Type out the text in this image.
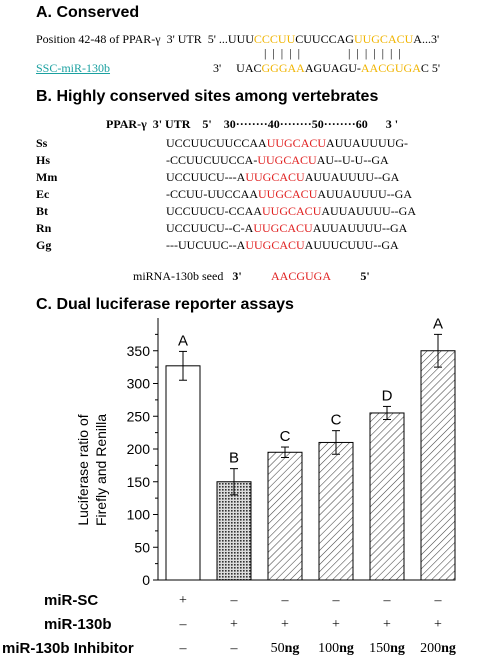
A. Conserved
Position 42-48 of PPAR-γ 3' UTR 5' ...UUUCCCUUCUUCCAGUUGCACUA...3'
|  |  |  |  |                |  |  |  |  |  |  |
SSC-miR-130b	3' UACGGGAAAGUAGU-AACGUGAC 5'
B. Highly conserved sites among vertebrates
PPAR-γ  3' UTR    5'    30········40········50········60      3 '
Ss	UCCUUCUUCCAAUUGCACUAUUAUUUUG-
Hs	-CCUUCUUCCA-UUGCACUAU--U-U--GA
Mm	UCCUUCU---AUUGCACUAUUAUUUU--GA
Ec	-CCUU-UUCCAAUUGCACUAUUAUUUU--GA
Bt	UCCUUCU-CCAAUUGCACUAUUAUUUU--GA
Rn	UCCUUCU--C-AUUGCACUAUUAUUUU--GA
Gg	---UUCUUC--AUUGCACUAUUUCUUU--GA
miRNA-130b seed 3' AACGUGA	5'
C. Dual luciferase reporter assays
0
50
100
150
200
250
300
350
Luciferase ratio of Firefly and Renilla
A
B
C
C
D
A
miR-SC	+	–	–	–	–	–
miR-130b	–	+	+	+	+	+
miR-130b Inhibitor	–	–	50ng	100ng 150ng 200ng
